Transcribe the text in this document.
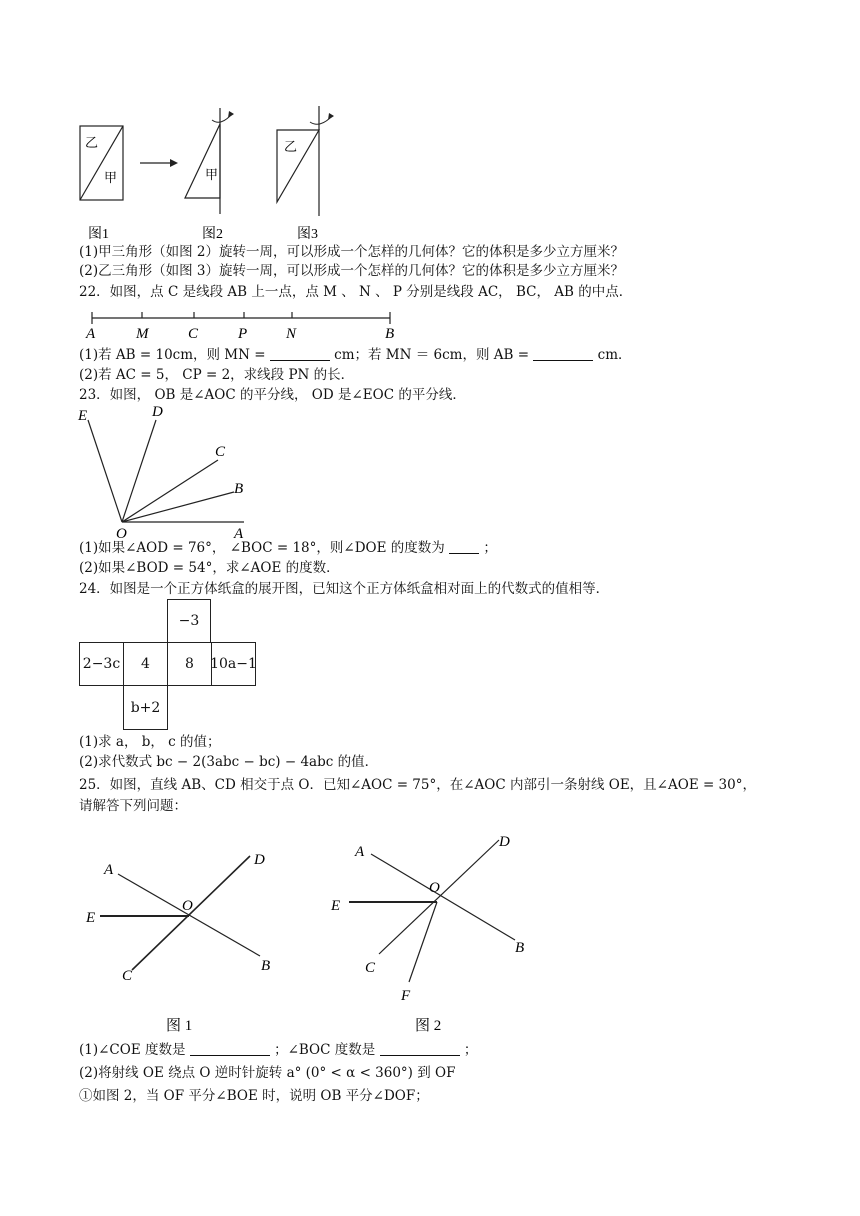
乙
甲	甲
乙
图1	图2	图3
(1)甲三角形（如图 2）旋转一周，可以形成一个怎样的几何体？它的体积是多少立方厘米？
(2)乙三角形（如图 3）旋转一周，可以形成一个怎样的几何体？它的体积是多少立方厘米？
22．如图，点 C 是线段 AB 上一点，点 M 、 N 、 P 分别是线段 AC， BC， AB 的中点．
A	M	C	P	N	B
(1)若 AB = 10cm，则 MN =	cm；若 MN ＝ 6cm，则 AB =	cm．
(2)若 AC = 5， CP = 2，求线段 PN 的长．
23．如图， OB 是∠AOC 的平分线， OD 是∠EOC 的平分线．
E	D
C
B
A
O
(1)如果∠AOD = 76°， ∠BOC = 18°，则∠DOE 的度数为	；
(2)如果∠BOD = 54°，求∠AOE 的度数．
24．如图是一个正方体纸盒的展开图，已知这个正方体纸盒相对面上的代数式的值相等．
−3
2−3c	4	8	10a−1
b+2
(1)求 a， b， c 的值；
(2)求代数式 bc − 2(3abc − bc) − 4abc 的值．
25．如图，直线 AB、CD 相交于点 O．已知∠AOC = 75°，在∠AOC 内部引一条射线 OE，且∠AOE = 30°，
请解答下列问题：
A
D
E
O
C
B
图 1
A
D
E
O
C
B
F
图 2
(1)∠COE 度数是	；∠BOC 度数是	；
(2)将射线 OE 绕点 O 逆时针旋转 a° (0° < α < 360°) 到 OF
①如图 2，当 OF 平分∠BOE 时，说明 OB 平分∠DOF；
